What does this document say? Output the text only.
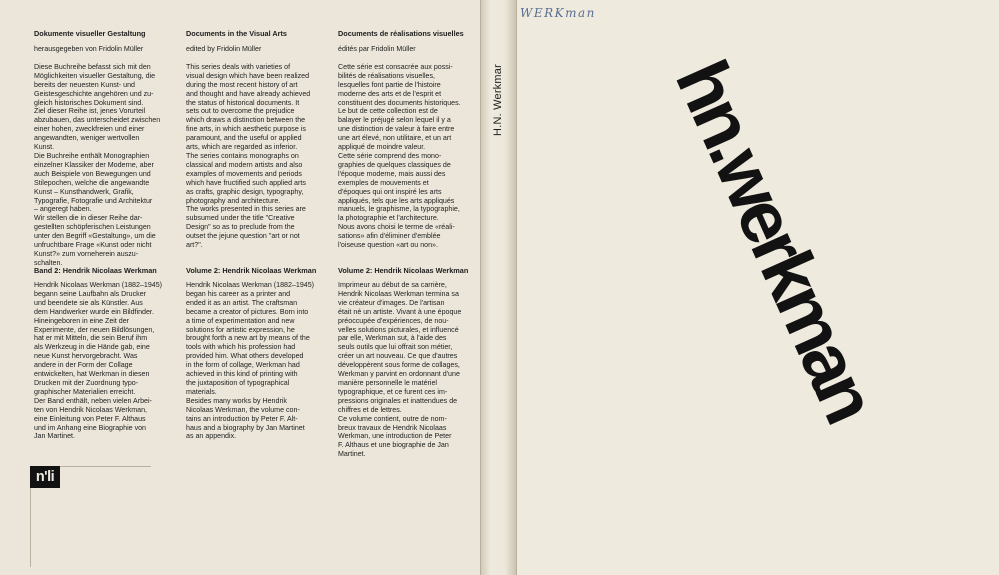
Dokumente visueller Gestaltung
herausgegeben von Fridolin Müller
Diese Buchreihe befasst sich mit den
Möglichkeiten visueller Gestaltung, die
bereits der neuesten Kunst- und
Geistesgeschichte angehören und zu-
gleich historisches Dokument sind.
Ziel dieser Reihe ist, jenes Vorurteil
abzubauen, das unterscheidet zwischen
einer hohen, zweckfreien und einer
angewandten, weniger wertvollen
Kunst.
Die Buchreihe enthält Monographien
einzelner Klassiker der Moderne, aber
auch Beispiele von Bewegungen und
Stilepochen, welche die angewandte
Kunst – Kunsthandwerk, Grafik,
Typografie, Fotografie und Architektur
– angeregt haben.
Wir stellen die in dieser Reihe dar-
gestellten schöpferischen Leistungen
unter den Begriff «Gestaltung», um die
unfruchtbare Frage «Kunst oder nicht
Kunst?» zum vorneherein auszu-
schalten.
Band 2: Hendrik Nicolaas Werkman
Hendrik Nicolaas Werkman (1882–1945)
begann seine Laufbahn als Drucker
und beendete sie als Künstler. Aus
dem Handwerker wurde ein Bildfinder.
Hineingeboren in eine Zeit der
Experimente, der neuen Bildlösungen,
hat er mit Mitteln, die sein Beruf ihm
als Werkzeug in die Hände gab, eine
neue Kunst hervorgebracht. Was
andere in der Form der Collage
entwickelten, hat Werkman in diesen
Drucken mit der Zuordnung typo-
graphischer Materialien erreicht.
Der Band enthält, neben vielen Arbei-
ten von Hendrik Nicolaas Werkman,
eine Einleitung von Peter F. Althaus
und im Anhang eine Biographie von
Jan Martinet.
Documents in the Visual Arts
edited by Fridolin Müller
This series deals with varieties of
visual design which have been realized
during the most recent history of art
and thought and have already achieved
the status of historical documents. It
sets out to overcome the prejudice
which draws a distinction between the
fine arts, in which aesthetic purpose is
paramount, and the useful or applied
arts, which are regarded as inferior.
The series contains monographs on
classical and modern artists and also
examples of movements and periods
which have fructified such applied arts
as crafts, graphic design, typography,
photography and architecture.
The works presented in this series are
subsumed under the title "Creative
Design" so as to preclude from the
outset the jejune question "art or not
art?".
Volume 2: Hendrik Nicolaas Werkman
Hendrik Nicolaas Werkman (1882–1945)
began his career as a printer and
ended it as an artist. The craftsman
became a creator of pictures. Born into
a time of experimentation and new
solutions for artistic expression, he
brought forth a new art by means of the
tools with which his profession had
provided him. What others developed
in the form of collage, Werkman had
achieved in this kind of printing with
the juxtaposition of typographical
materials.
Besides many works by Hendrik
Nicolaas Werkman, the volume con-
tains an introduction by Peter F. Alt-
haus and a biography by Jan Martinet
as an appendix.
Documents de réalisations visuelles
édités par Fridolin Müller
Cette série est consacrée aux possi-
bilités de réalisations visuelles,
lesquelles font partie de l'histoire
moderne des arts et de l'esprit et
constituent des documents historiques.
Le but de cette collection est de
balayer le préjugé selon lequel il y a
une distinction de valeur à faire entre
une art élevé, non utilitaire, et un art
appliqué de moindre valeur.
Cette série comprend des mono-
graphies de quelques classiques de
l'époque moderne, mais aussi des
exemples de mouvements et
d'époques qui ont inspiré les arts
appliqués, tels que les arts appliqués
manuels, le graphisme, la typographie,
la photographie et l'architecture.
Nous avons choisi le terme de «réali-
sations» afin d'éliminer d'emblée
l'oiseuse question «art ou non».
Volume 2: Hendrik Nicolaas Werkman
Imprimeur au début de sa carrière,
Hendrik Nicolaas Werkman termina sa
vie créateur d'images. De l'artisan
était né un artiste. Vivant à une époque
préoccupée d'expériences, de nou-
velles solutions picturales, et influencé
par elle, Werkman sut, à l'aide des
seuls outils que lui offrait son métier,
créer un art nouveau. Ce que d'autres
développèrent sous forme de collages,
Werkman y parvint en ordonnant d'une
manière personnelle le matériel
typographique, et ce furent ces im-
pressions originales et inattendues de
chiffres et de lettres.
Ce volume contient, outre de nom-
breux travaux de Hendrik Nicolaas
Werkman, une introduction de Peter
F. Althaus et une biographie de Jan
Martinet.
n'li
H.N. Werkmar
WERKman
hn.werkman
